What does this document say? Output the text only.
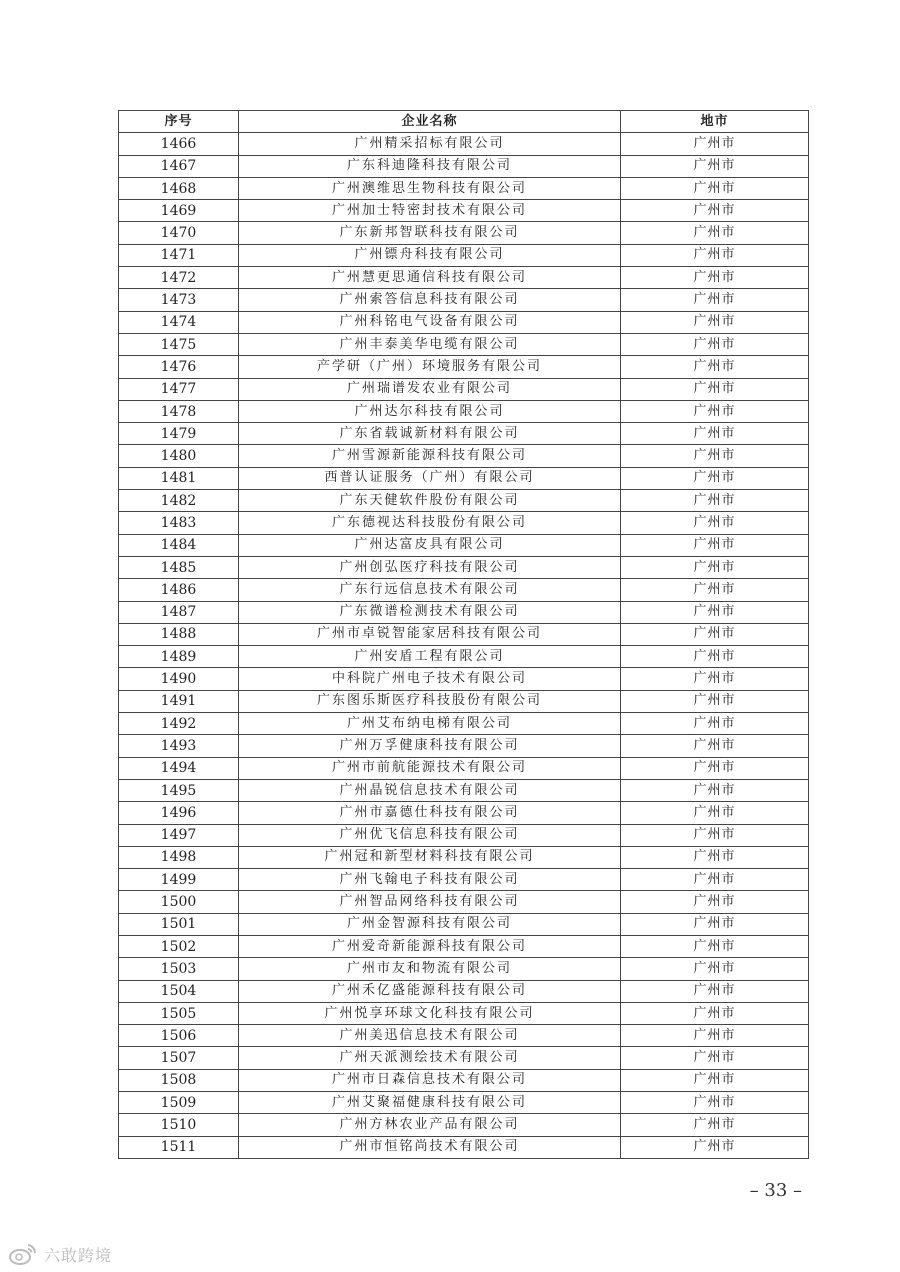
序号	企业名称	地市
1466	广州精采招标有限公司	广州市
1467	广东科迪隆科技有限公司	广州市
1468	广州澳维思生物科技有限公司	广州市
1469	广州加士特密封技术有限公司	广州市
1470	广东新邦智联科技有限公司	广州市
1471	广州镖舟科技有限公司	广州市
1472	广州慧更思通信科技有限公司	广州市
1473	广州索答信息科技有限公司	广州市
1474	广州科铭电气设备有限公司	广州市
1475	广州丰泰美华电缆有限公司	广州市
1476	产学研（广州）环境服务有限公司	广州市
1477	广州瑞谱发农业有限公司	广州市
1478	广州达尔科技有限公司	广州市
1479	广东省载诚新材料有限公司	广州市
1480	广州雪源新能源科技有限公司	广州市
1481	西普认证服务（广州）有限公司	广州市
1482	广东天健软件股份有限公司	广州市
1483	广东德视达科技股份有限公司	广州市
1484	广州达富皮具有限公司	广州市
1485	广州创弘医疗科技有限公司	广州市
1486	广东行远信息技术有限公司	广州市
1487	广东微谱检测技术有限公司	广州市
1488	广州市卓锐智能家居科技有限公司	广州市
1489	广州安盾工程有限公司	广州市
1490	中科院广州电子技术有限公司	广州市
1491	广东图乐斯医疗科技股份有限公司	广州市
1492	广州艾布纳电梯有限公司	广州市
1493	广州万孚健康科技有限公司	广州市
1494	广州市前航能源技术有限公司	广州市
1495	广州晶锐信息技术有限公司	广州市
1496	广州市嘉德仕科技有限公司	广州市
1497	广州优飞信息科技有限公司	广州市
1498	广州冠和新型材料科技有限公司	广州市
1499	广州飞翰电子科技有限公司	广州市
1500	广州智品网络科技有限公司	广州市
1501	广州金智源科技有限公司	广州市
1502	广州爱奇新能源科技有限公司	广州市
1503	广州市友和物流有限公司	广州市
1504	广州禾亿盛能源科技有限公司	广州市
1505	广州悦享环球文化科技有限公司	广州市
1506	广州美迅信息技术有限公司	广州市
1507	广州天派测绘技术有限公司	广州市
1508	广州市日森信息技术有限公司	广州市
1509	广州艾聚福健康科技有限公司	广州市
1510	广州方林农业产品有限公司	广州市
1511	广州市恒铭尚技术有限公司	广州市
– 33 –
六敢跨境
